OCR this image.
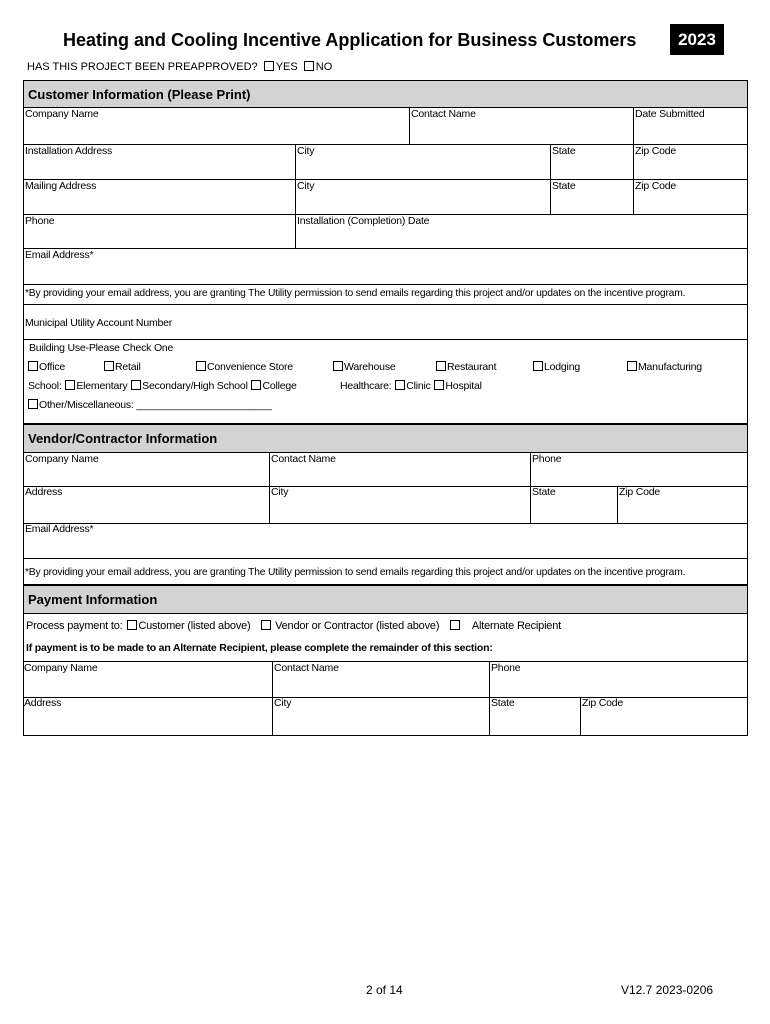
Heating and Cooling Incentive Application for Business Customers	2023
HAS THIS PROJECT BEEN PREAPPROVED? YES NO
Customer Information (Please Print)
Company Name	Contact Name	Date Submitted
Installation Address	City	State	Zip Code
Mailing Address	City	State	Zip Code
Phone	Installation (Completion) Date
Email Address*
*By providing your email address, you are granting The Utility permission to send emails regarding this project and/or updates on the incentive program.
Municipal Utility Account Number
Building Use-Please Check One
Office	Retail	Convenience Store	Warehouse	Restaurant	Lodging	Manufacturing
School: Elementary Secondary/High School College	Healthcare: Clinic Hospital
Other/Miscellaneous: ________________________
Vendor/Contractor Information
Company Name	Contact Name	Phone
Address	City	State	Zip Code
Email Address*
*By providing your email address, you are granting The Utility permission to send emails regarding this project and/or updates on the incentive program.
Payment Information
Process payment to: Customer (listed above) Vendor or Contractor (listed above)	Alternate Recipient
If payment is to be made to an Alternate Recipient, please complete the remainder of this section:
Company Name	Contact Name	Phone
Address	City	State	Zip Code
2 of 14	V12.7 2023-0206
